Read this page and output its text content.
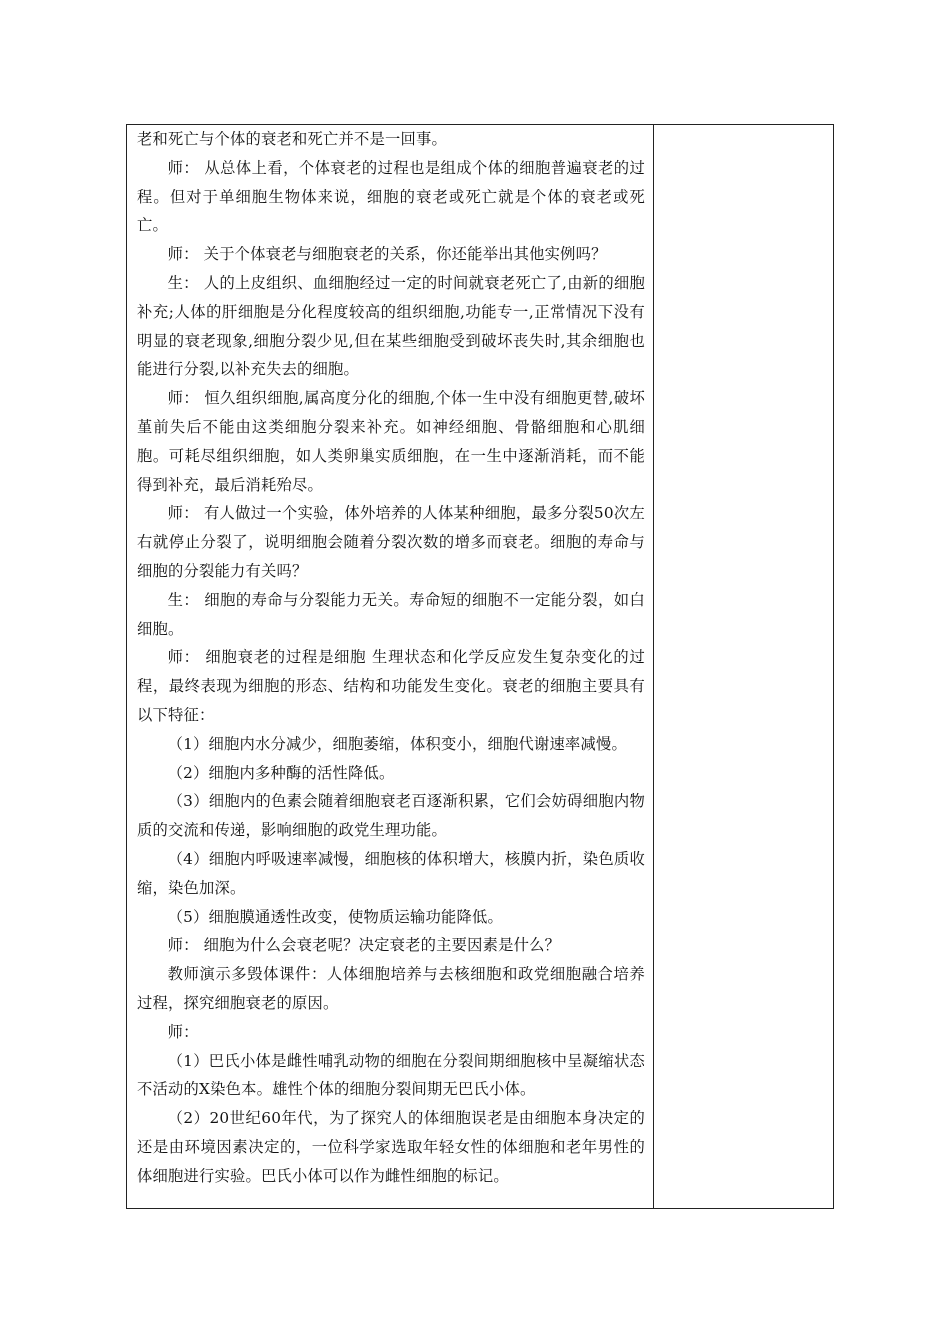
老和死亡与个体的衰老和死亡并不是一回事。

师： 从总体上看，个体衰老的过程也是组成个体的细胞普遍衰老的过程。但对于单细胞生物体来说，细胞的衰老或死亡就是个体的衰老或死亡。

师： 关于个体衰老与细胞衰老的关系，你还能举出其他实例吗？

生： 人的上皮组织、血细胞经过一定的时间就衰老死亡了,由新的细胞补充;人体的肝细胞是分化程度较高的组织细胞,功能专一,正常情况下没有明显的衰老现象,细胞分裂少见,但在某些细胞受到破坏丧失时,其余细胞也能进行分裂,以补充失去的细胞。

师： 恒久组织细胞,属高度分化的细胞,个体一生中没有细胞更替,破坏堇前失后不能由这类细胞分裂来补充。如神经细胞、骨骼细胞和心肌细胞。可耗尽组织细胞，如人类卵巢实质细胞，在一生中逐渐消耗，而不能得到补充，最后消耗殆尽。

师： 有人做过一个实验，体外培养的人体某种细胞，最多分裂50次左右就停止分裂了，说明细胞会随着分裂次数的增多而衰老。细胞的寿命与细胞的分裂能力有关吗？

生： 细胞的寿命与分裂能力无关。寿命短的细胞不一定能分裂，如白细胞。

师： 细胞衰老的过程是细胞 生理状态和化学反应发生复杂变化的过程，最终表现为细胞的形态、结构和功能发生变化。衰老的细胞主要具有以下特征：

（1）细胞内水分减少，细胞萎缩，体积变小，细胞代谢速率减慢。

（2）细胞内多种酶的活性降低。

（3）细胞内的色素会随着细胞衰老百逐渐积累，它们会妨碍细胞内物质的交流和传递，影响细胞的政党生理功能。

（4）细胞内呼吸速率减慢，细胞核的体积增大，核膜内折，染色质收缩，染色加深。

（5）细胞膜通透性改变，使物质运输功能降低。

师： 细胞为什么会衰老呢？决定衰老的主要因素是什么？

教师演示多毁体课件：人体细胞培养与去核细胞和政党细胞融合培养过程，探究细胞衰老的原因。

师：

（1）巴氏小体是雌性哺乳动物的细胞在分裂间期细胞核中呈凝缩状态不活动的X染色本。雄性个体的细胞分裂间期无巴氏小体。

（2）20世纪60年代，为了探究人的体细胞误老是由细胞本身决定的还是由环境因素决定的，一位科学家选取年轻女性的体细胞和老年男性的体细胞进行实验。巴氏小体可以作为雌性细胞的标记。
